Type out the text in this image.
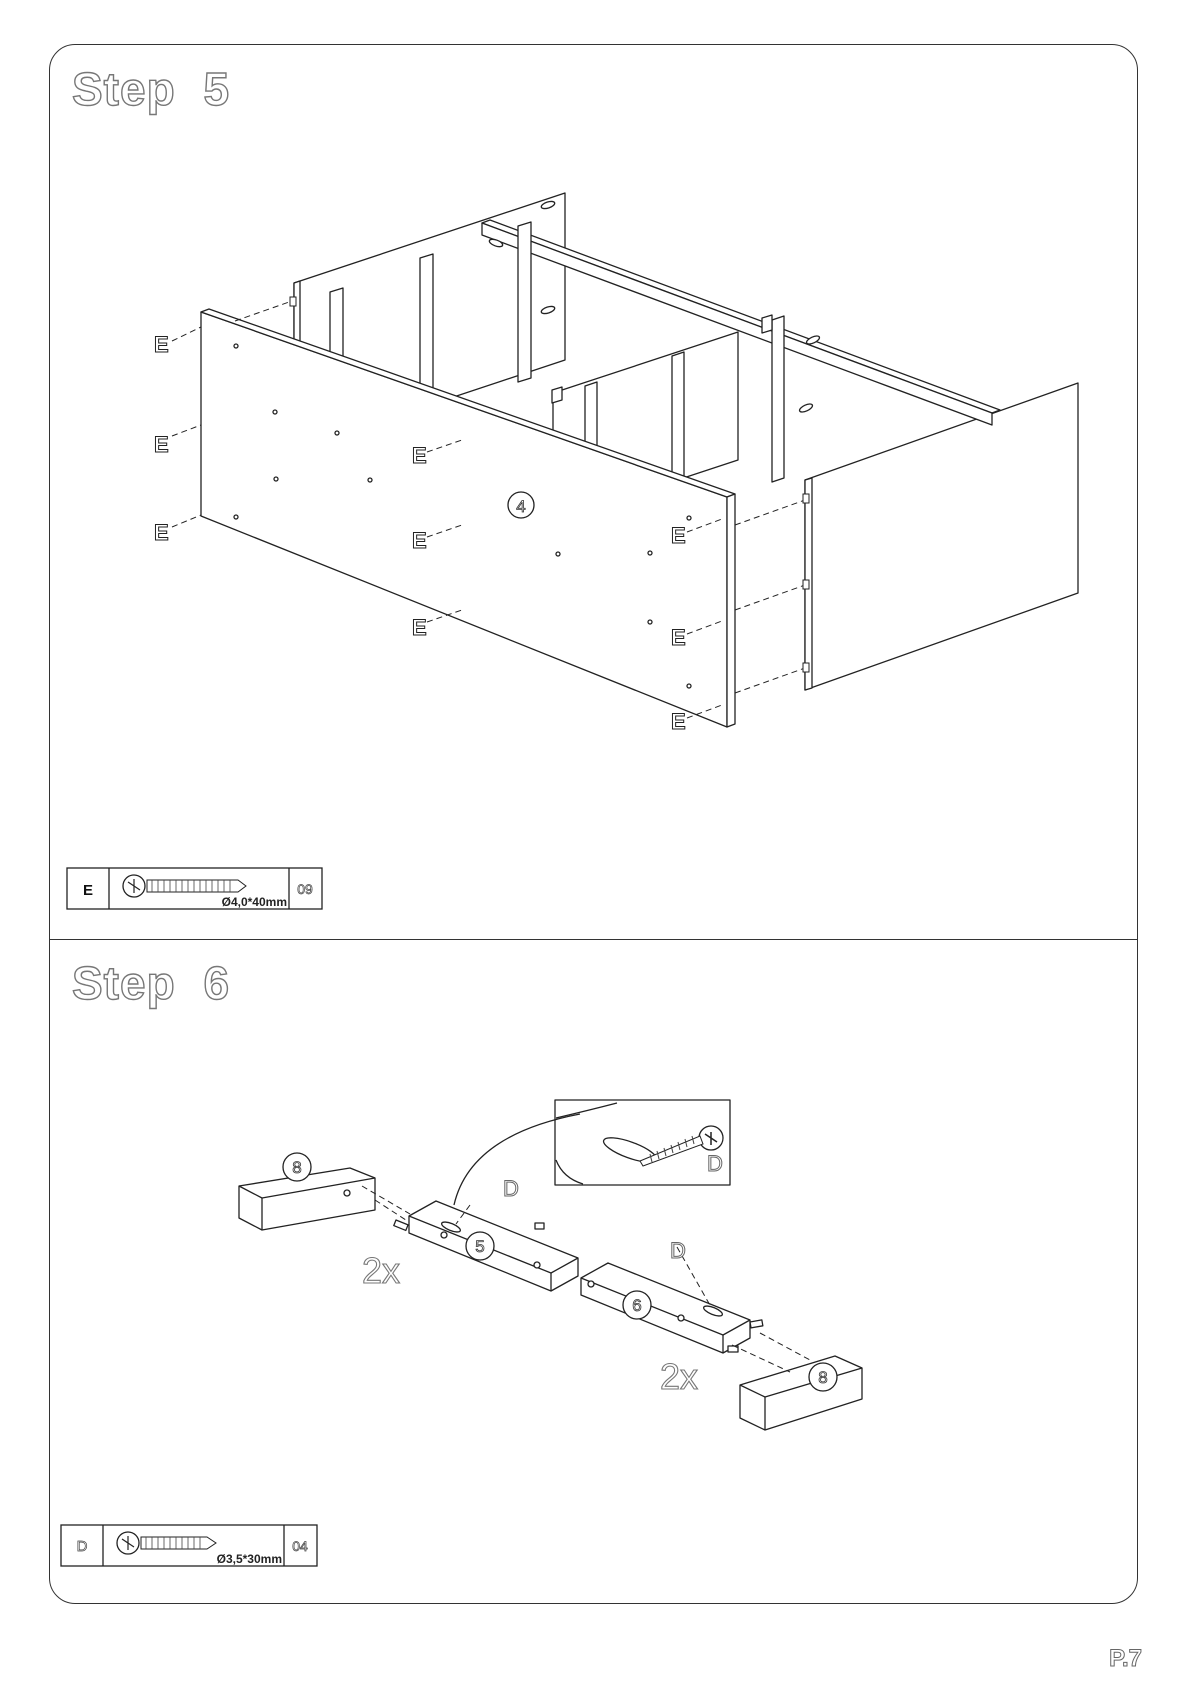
Step 5
Step 6
E
E
E
E
E
E
E
E
E
4
8
5
6
8
D
D
D
2x
2x
E
Ø4,0*40mm
09
D
Ø3,5*30mm
04
P.7
